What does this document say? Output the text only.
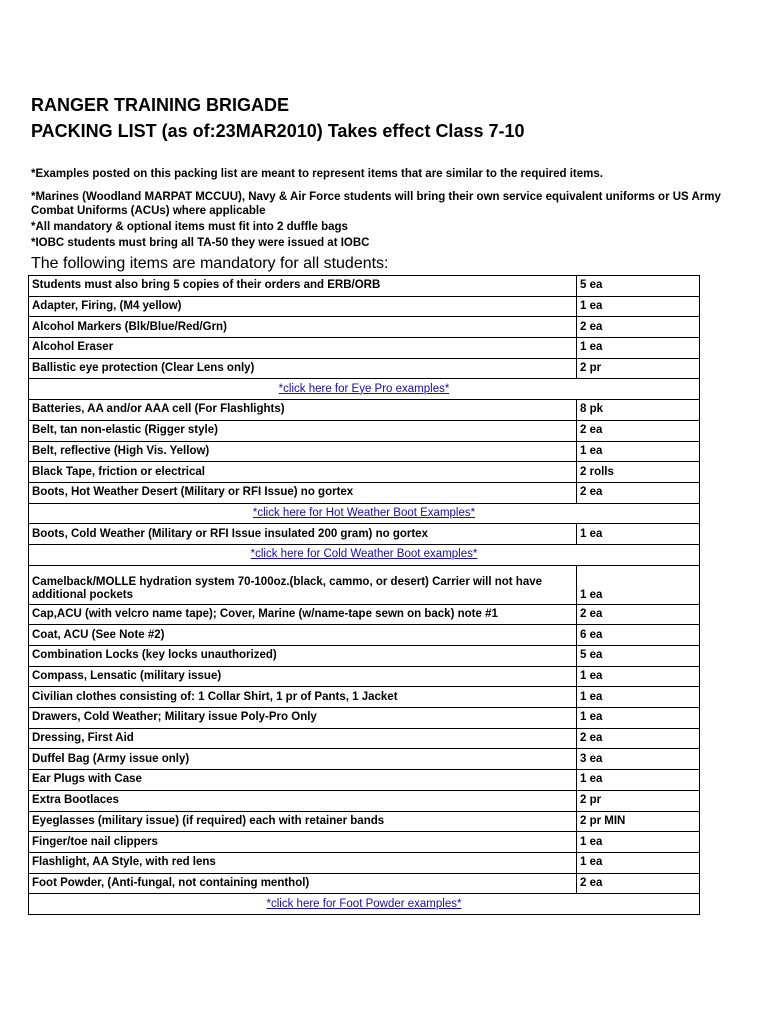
RANGER TRAINING BRIGADE
PACKING LIST (as of:23MAR2010) Takes effect Class 7-10
*Examples posted on this packing list are meant to represent items that are similar to the required items.
*Marines (Woodland MARPAT MCCUU), Navy & Air Force students will bring their own service equivalent uniforms or US Army Combat Uniforms (ACUs) where applicable
*All mandatory & optional items must fit into 2 duffle bags
*IOBC students must bring all TA-50 they were issued at IOBC
The following items are mandatory for all students:
Students must also bring 5 copies of their orders and ERB/ORB	5 ea
Adapter, Firing, (M4 yellow)	1 ea
Alcohol Markers (Blk/Blue/Red/Grn)	2 ea
Alcohol Eraser	1 ea
Ballistic eye protection (Clear Lens only)	2 pr
*click here for Eye Pro examples*	
Batteries, AA and/or AAA cell (For Flashlights)	8 pk
Belt, tan non-elastic (Rigger style)	2 ea
Belt, reflective (High Vis. Yellow)	1 ea
Black Tape, friction or electrical	2 rolls
Boots, Hot Weather Desert (Military or RFI Issue) no gortex	2 ea
*click here for Hot Weather Boot Examples*	
Boots, Cold Weather (Military or RFI Issue insulated 200 gram) no gortex	1 ea
*click here for Cold Weather Boot examples*	
Camelback/MOLLE hydration system 70-100oz.(black, cammo, or desert) Carrier will not have additional pockets	1 ea
Cap,ACU (with velcro name tape); Cover, Marine (w/name-tape sewn on back) note #1	2 ea
Coat, ACU (See Note #2)	6 ea
Combination Locks (key locks unauthorized)	5 ea
Compass, Lensatic (military issue)	1 ea
Civilian clothes consisting of: 1 Collar Shirt, 1 pr of Pants, 1 Jacket	1 ea
Drawers, Cold Weather; Military issue Poly-Pro Only	1 ea
Dressing, First Aid	2 ea
Duffel Bag (Army issue only)	3 ea
Ear Plugs with Case	1 ea
Extra Bootlaces	2 pr
Eyeglasses (military issue) (if required) each with retainer bands	2 pr MIN
Finger/toe nail clippers	1 ea
Flashlight, AA Style, with red lens	1 ea
Foot Powder, (Anti-fungal, not containing menthol)	2 ea
*click here for Foot Powder examples*	
